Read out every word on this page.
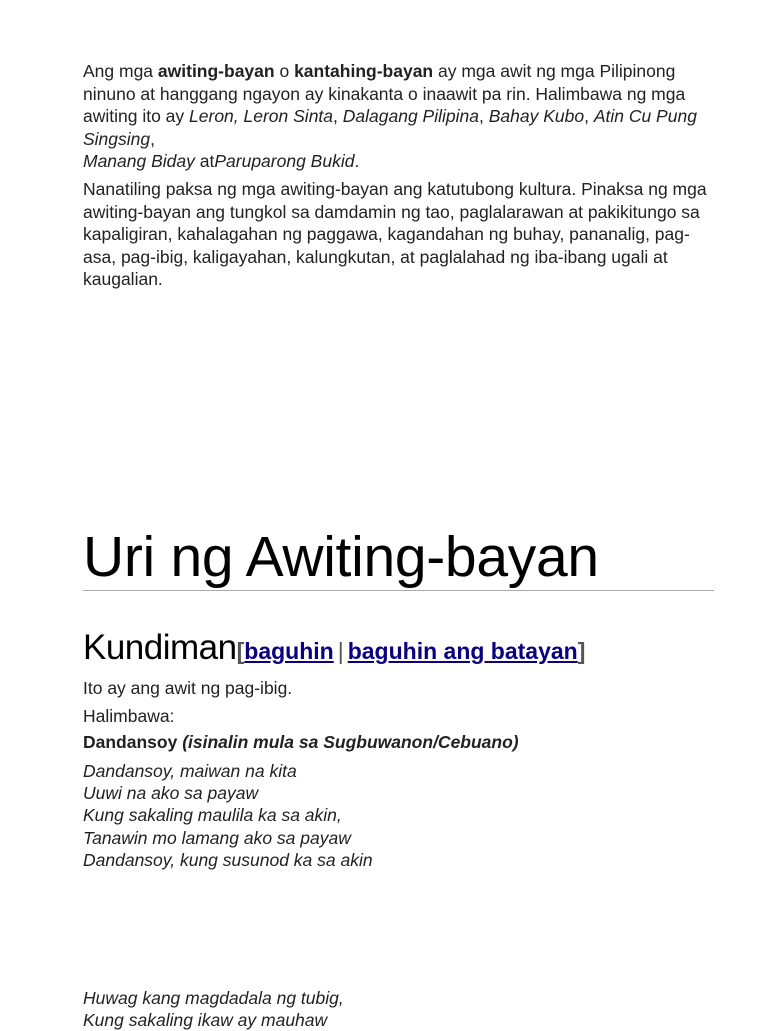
Ang mga awiting-bayan o kantahing-bayan ay mga awit ng mga Pilipinong ninuno at hanggang ngayon ay kinakanta o inaawit pa rin. Halimbawa ng mga awiting ito ay Leron, Leron Sinta, Dalagang Pilipina, Bahay Kubo, Atin Cu Pung Singsing,
Manang Biday atParuparong Bukid.

Nanatiling paksa ng mga awiting-bayan ang katutubong kultura. Pinaksa ng mga awiting-bayan ang tungkol sa damdamin ng tao, paglalarawan at pakikitungo sa kapaligiran, kahalagahan ng paggawa, kagandahan ng buhay, pananalig, pag-asa, pag-ibig, kaligayahan, kalungkutan, at paglalahad ng iba-ibang ugali at kaugalian.

Uri ng Awiting-bayan
Kundiman[baguhin | baguhin ang batayan]
Ito ay ang awit ng pag-ibig.
Halimbawa:
Dandansoy (isinalin mula sa Sugbuwanon/Cebuano)
Dandansoy, maiwan na kita
Uuwi na ako sa payaw
Kung sakaling maulila ka sa akin,
Tanawin mo lamang ako sa payaw
Dandansoy, kung susunod ka sa akin
Huwag kang magdadala ng tubig,
Kung sakaling ikaw ay mauhaw
